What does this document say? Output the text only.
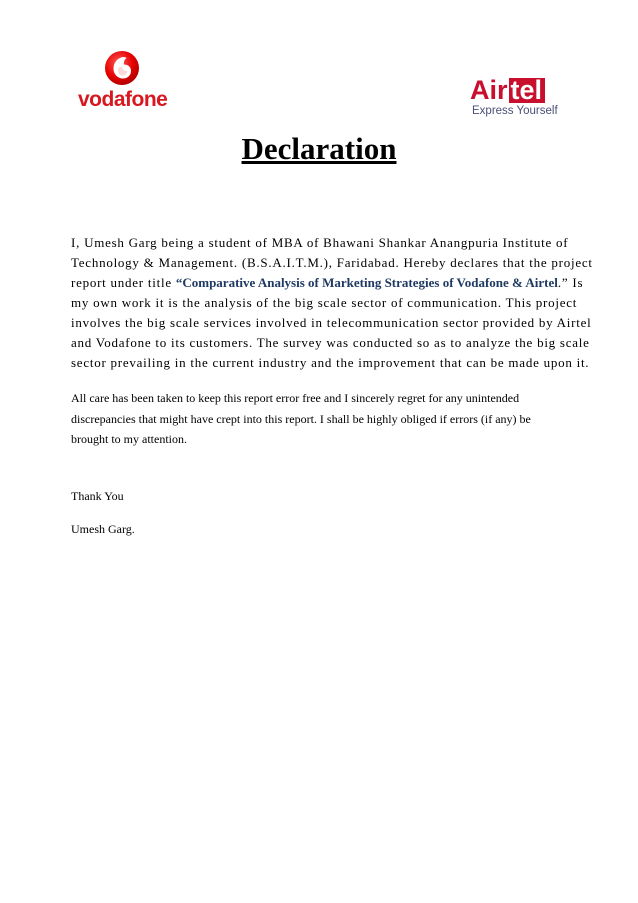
vodafone	Air tel
Express Yourself
Declaration

I, Umesh Garg being a student of MBA of Bhawani Shankar Anangpuria Institute of
Technology & Management. (B.S.A.I.T.M.), Faridabad. Hereby declares that the project
report under title “Comparative Analysis of Marketing Strategies of Vodafone & Airtel.” Is
my own work it is the analysis of the big scale sector of communication. This project
involves the big scale services involved in telecommunication sector provided by Airtel
and Vodafone to its customers. The survey was conducted so as to analyze the big scale
sector prevailing in the current industry and the improvement that can be made upon it.

All care has been taken to keep this report error free and I sincerely regret for any unintended
discrepancies that might have crept into this report. I shall be highly obliged if errors (if any) be
brought to my attention.

Thank You

Umesh Garg.
